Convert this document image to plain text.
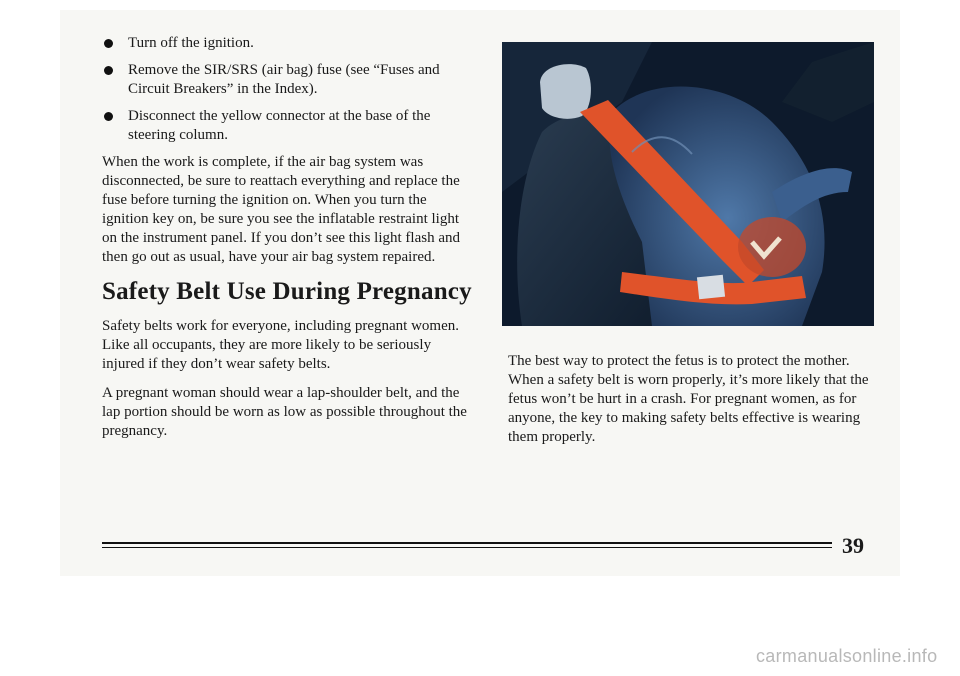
Turn off the ignition.
Remove the SIR/SRS (air bag) fuse (see “Fuses and Circuit Breakers” in the Index).
Disconnect the yellow connector at the base of the steering column.

When the work is complete, if the air bag system was disconnected, be sure to reattach everything and replace the fuse before turning the ignition on. When you turn the ignition key on, be sure you see the inflatable restraint light on the instrument panel. If you don’t see this light flash and then go out as usual, have your air bag system repaired.

Safety Belt Use During Pregnancy

Safety belts work for everyone, including pregnant women. Like all occupants, they are more likely to be seriously injured if they don’t wear safety belts.

A pregnant woman should wear a lap-shoulder belt, and the lap portion should be worn as low as possible throughout the pregnancy.

The best way to protect the fetus is to protect the mother. When a safety belt is worn properly, it’s more likely that the fetus won’t be hurt in a crash. For pregnant women, as for anyone, the key to making safety belts effective is wearing them properly.

39
carmanualsonline.info
